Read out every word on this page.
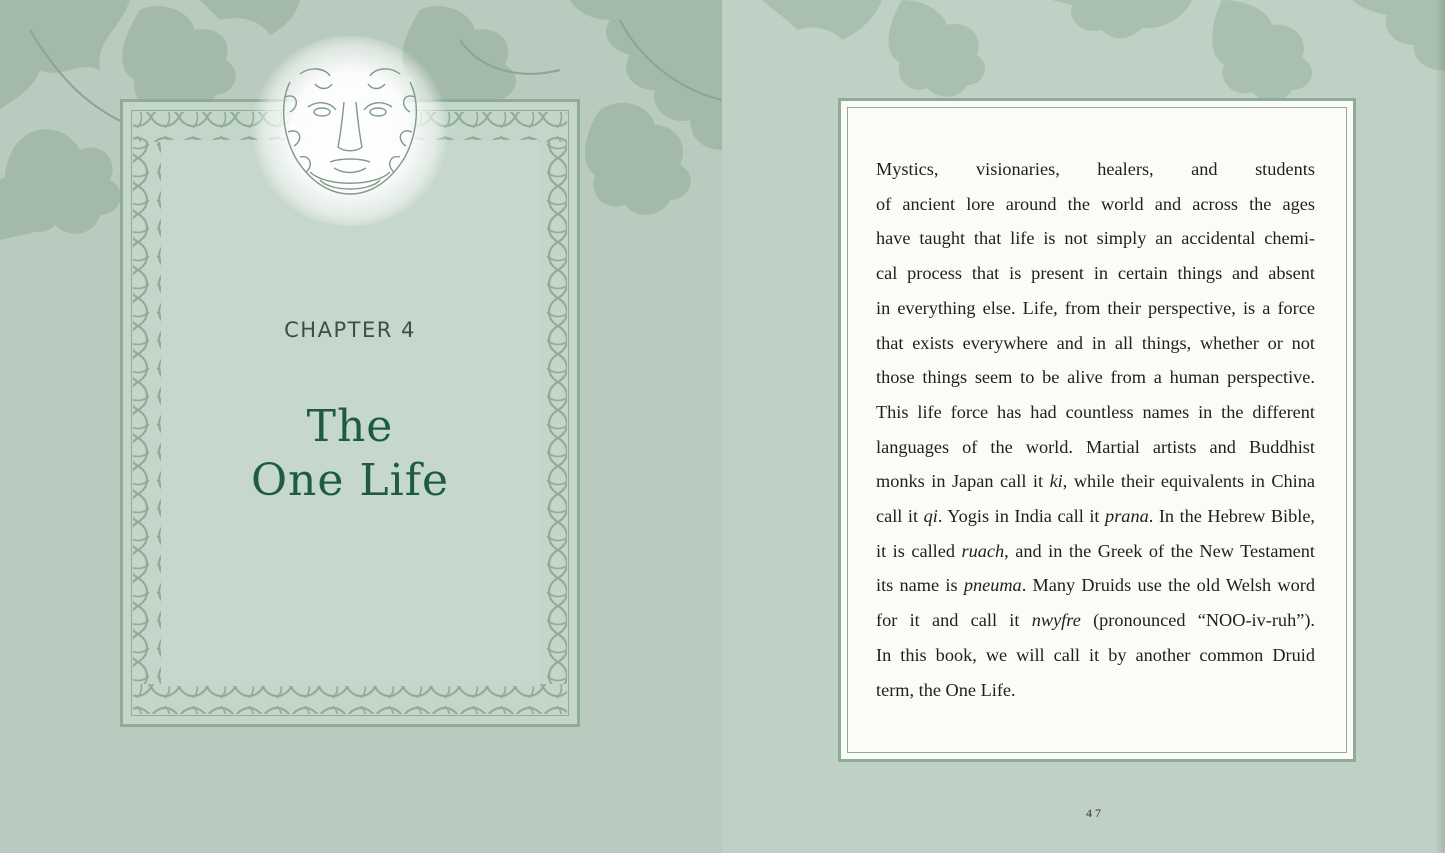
CHAPTER 4
The
One Life

Mystics, visionaries, healers, and students
of ancient lore around the world and across the ages
have taught that life is not simply an accidental chemi-
cal process that is present in certain things and absent
in everything else. Life, from their perspective, is a force
that exists everywhere and in all things, whether or not
those things seem to be alive from a human perspective.
This life force has had countless names in the different
languages of the world. Martial artists and Buddhist
monks in Japan call it ki, while their equivalents in China
call it qi. Yogis in India call it prana. In the Hebrew Bible,
it is called ruach, and in the Greek of the New Testament
its name is pneuma. Many Druids use the old Welsh word
for it and call it nwyfre (pronounced “NOO-iv-ruh”).
In this book, we will call it by another common Druid
term, the One Life.

47
